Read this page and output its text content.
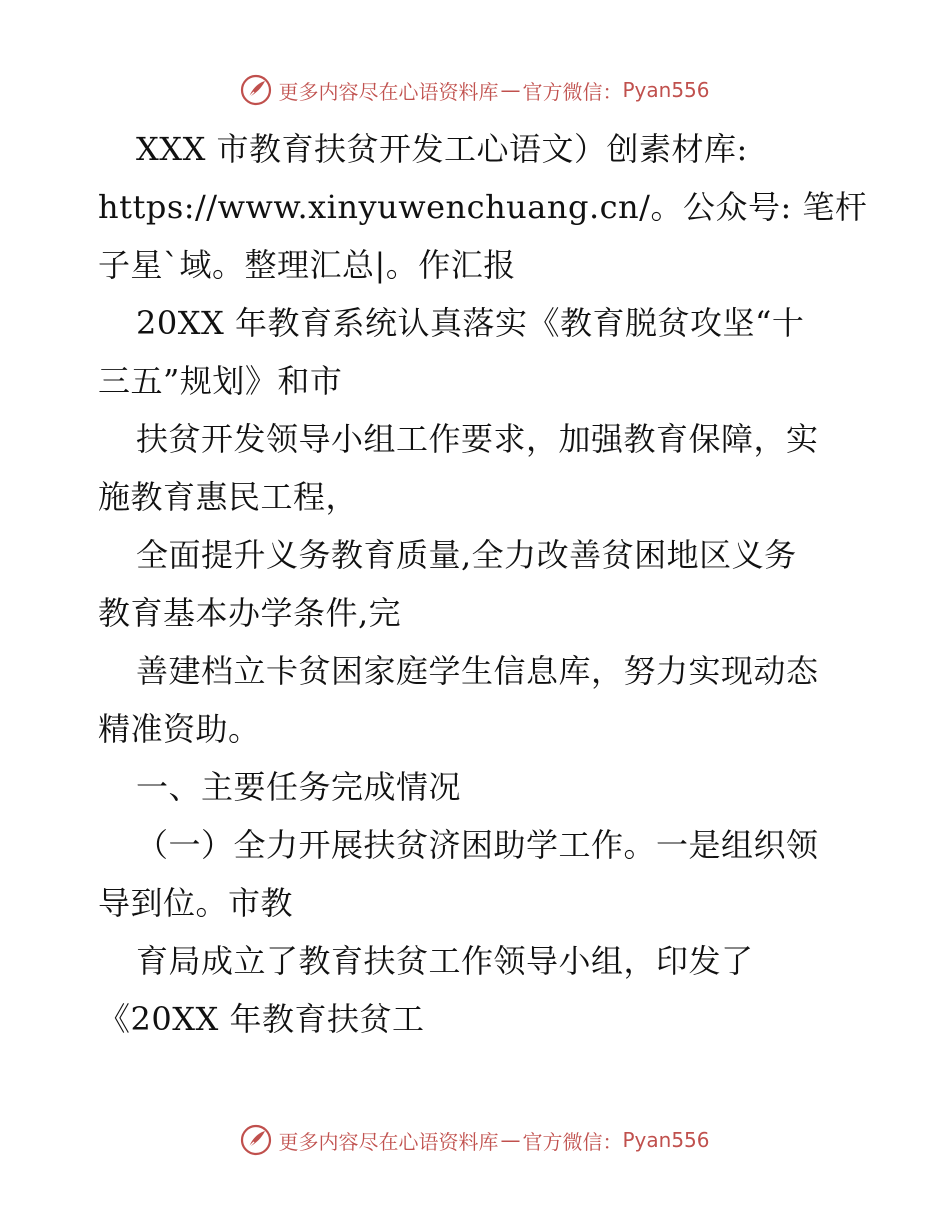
更多内容尽在心语资料库 — 官方微信： Pyan556

XXX 市教育扶贫开发工心语文）创素材库:
https://www.xinyuwenchuang.cn/。公众号: 笔杆
子星`域。整理汇总|。作汇报

20XX 年教育系统认真落实《教育脱贫攻坚“十
三五”规划》和市

扶贫开发领导小组工作要求，加强教育保障，实
施教育惠民工程，

全面提升义务教育质量,全力改善贫困地区义务
教育基本办学条件,完

善建档立卡贫困家庭学生信息库，努力实现动态
精准资助。

一、主要任务完成情况

（一）全力开展扶贫济困助学工作。一是组织领
导到位。市教

育局成立了教育扶贫工作领导小组，印发了
《20XX 年教育扶贫工

更多内容尽在心语资料库 — 官方微信： Pyan556
